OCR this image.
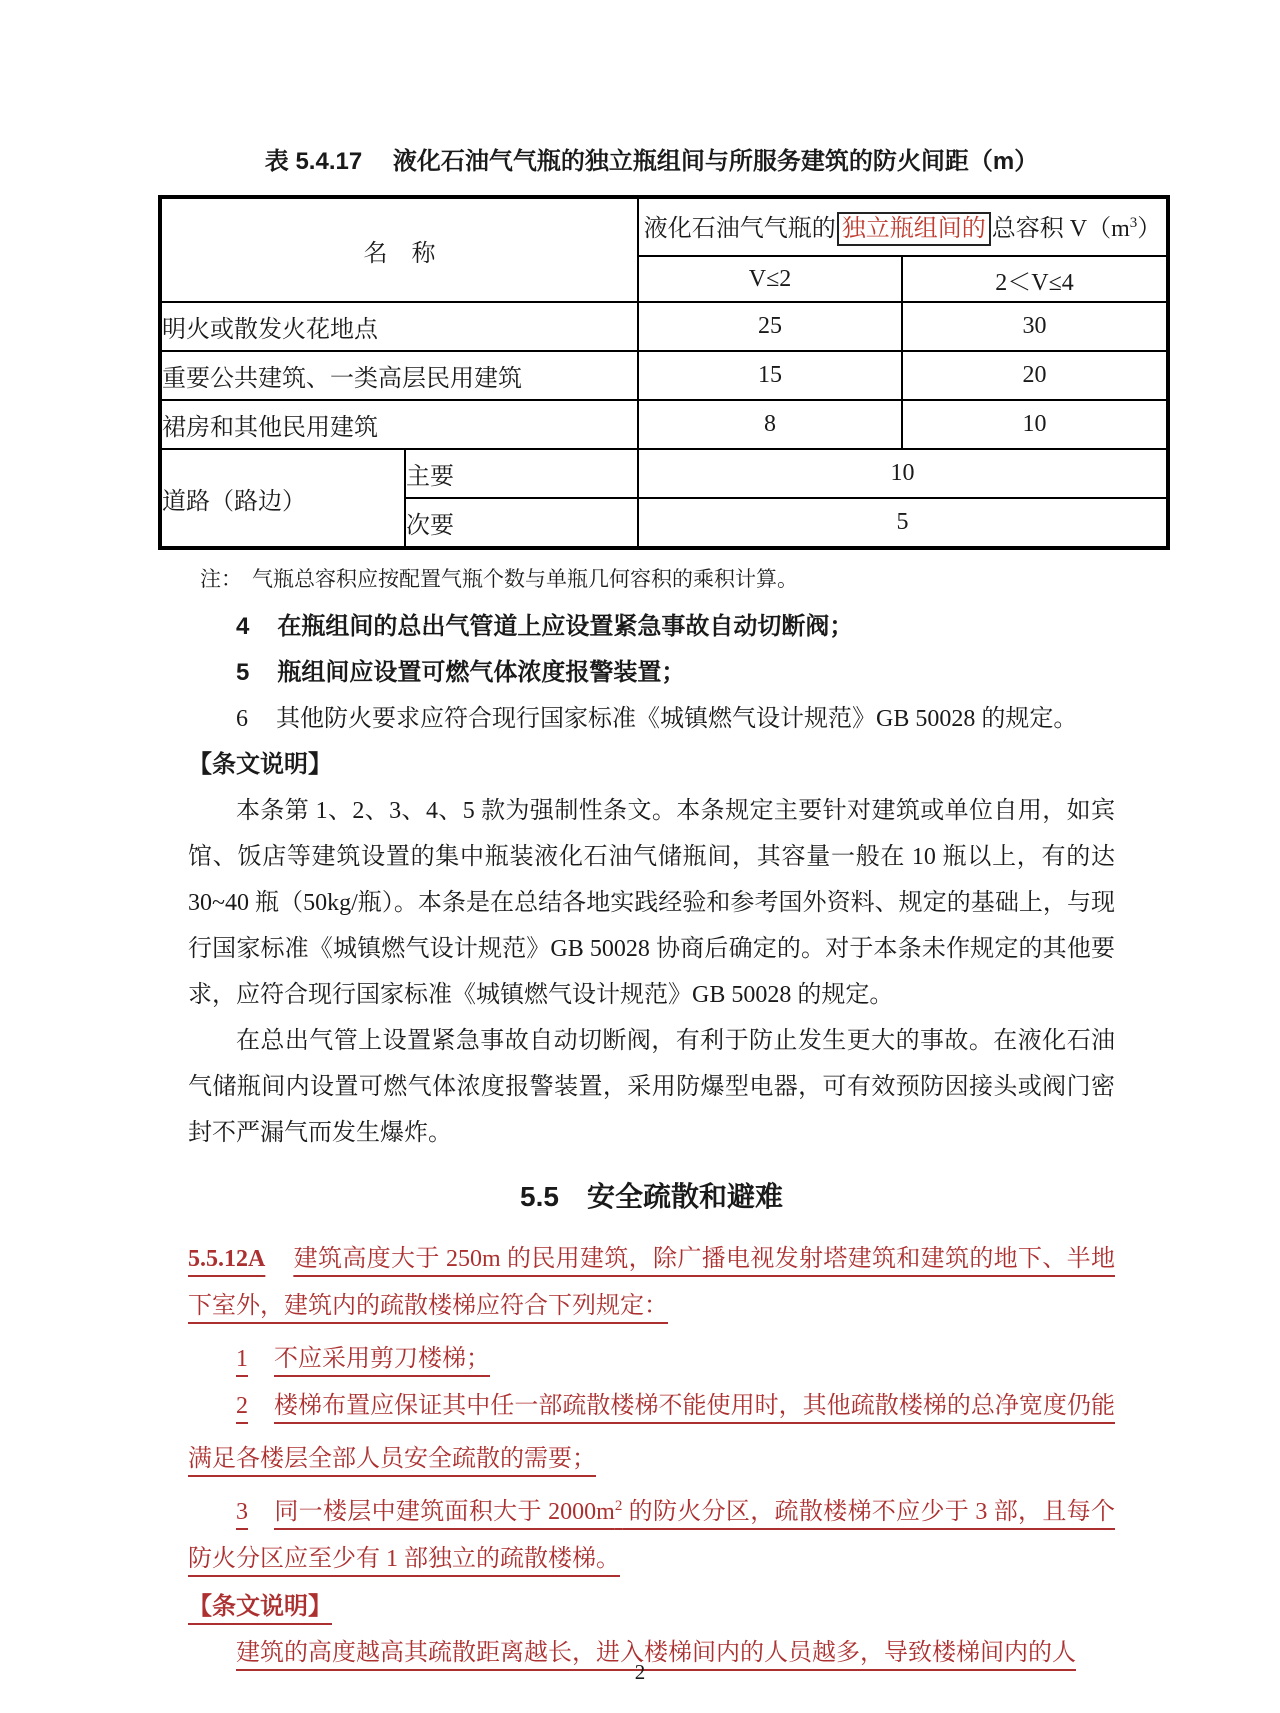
表 5.4.17　 液化石油气气瓶的独立瓶组间与所服务建筑的防火间距（m）
名　称		液化石油气气瓶的 独立瓶组间的 总容积 $V(m^3)$	
		V≤2	2＜V≤4
明火或散发火花地点		25	30
重要公共建筑、一类高层民用建筑		15	20
裙房和其他民用建筑		8	10
道路（路边）	主要	10	
	次要	5	
注： 气瓶总容积应按配置气瓶个数与单瓶几何容积的乘积计算。

4 在瓶组间的总出气管道上应设置紧急事故自动切断阀；

5 瓶组间应设置可燃气体浓度报警装置；

6 其他防火要求应符合现行国家标准《城镇燃气设计规范》GB 50028 的规定。

【条文说明】

本条第 1、2、3、4、5 款为强制性条文。本条规定主要针对建筑或单位自用，如宾馆、饭店等建筑设置的集中瓶装液化石油气储瓶间，其容量一般在 10 瓶以上，有的达 30~40 瓶（50kg/瓶）。本条是在总结各地实践经验和参考国外资料、规定的基础上，与现行国家标准《城镇燃气设计规范》GB 50028 协商后确定的。对于本条未作规定的其他要求，应符合现行国家标准《城镇燃气设计规范》GB 50028 的规定。

在总出气管上设置紧急事故自动切断阀，有利于防止发生更大的事故。在液化石油气储瓶间内设置可燃气体浓度报警装置，采用防爆型电器，可有效预防因接头或阀门密封不严漏气而发生爆炸。

5.5　安全疏散和避难

5.5.12A 建筑高度大于 250m 的民用建筑，除广播电视发射塔建筑和建筑的地下、半地下室外，建筑内的疏散楼梯应符合下列规定：

1 不应采用剪刀楼梯；

2 楼梯布置应保证其中任一部疏散楼梯不能使用时，其他疏散楼梯的总净宽度仍能满足各楼层全部人员安全疏散的需要；

3 同一楼层中建筑面积大于 $2000m^2$ 的防火分区，疏散楼梯不应少于 3 部，且每个防火分区应至少有 1 部独立的疏散楼梯。

【条文说明】

建筑的高度越高其疏散距离越长，进入楼梯间内的人员越多，导致楼梯间内的人

2
